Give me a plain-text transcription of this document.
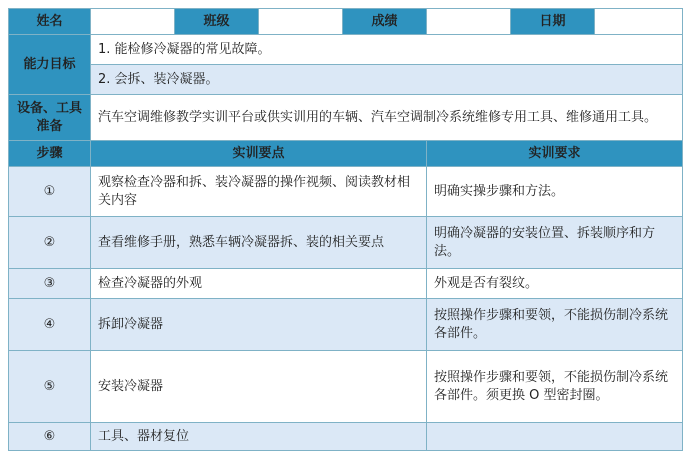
姓名		班级		成绩		日期	
能力目标	1. 能检修冷凝器的常见故障。						
	2. 会拆、装冷凝器。						
设备、工具准备	汽车空调维修教学实训平台或供实训用的车辆、汽车空调制冷系统维修专用工具、维修通用工具。						
步骤	实训要点				实训要求		
①	观察检查冷器和拆、装冷凝器的操作视频、阅读教材相关内容				明确实操步骤和方法。		
②	查看维修手册，熟悉车辆冷凝器拆、装的相关要点				明确冷凝器的安装位置、拆装顺序和方法。		
③	检查冷凝器的外观				外观是否有裂纹。		
④	拆卸冷凝器				按照操作步骤和要领，不能损伤制冷系统各部件。		
⑤	安装冷凝器				按照操作步骤和要领，不能损伤制冷系统各部件。须更换 O 型密封圈。		
⑥	工具、器材复位						
